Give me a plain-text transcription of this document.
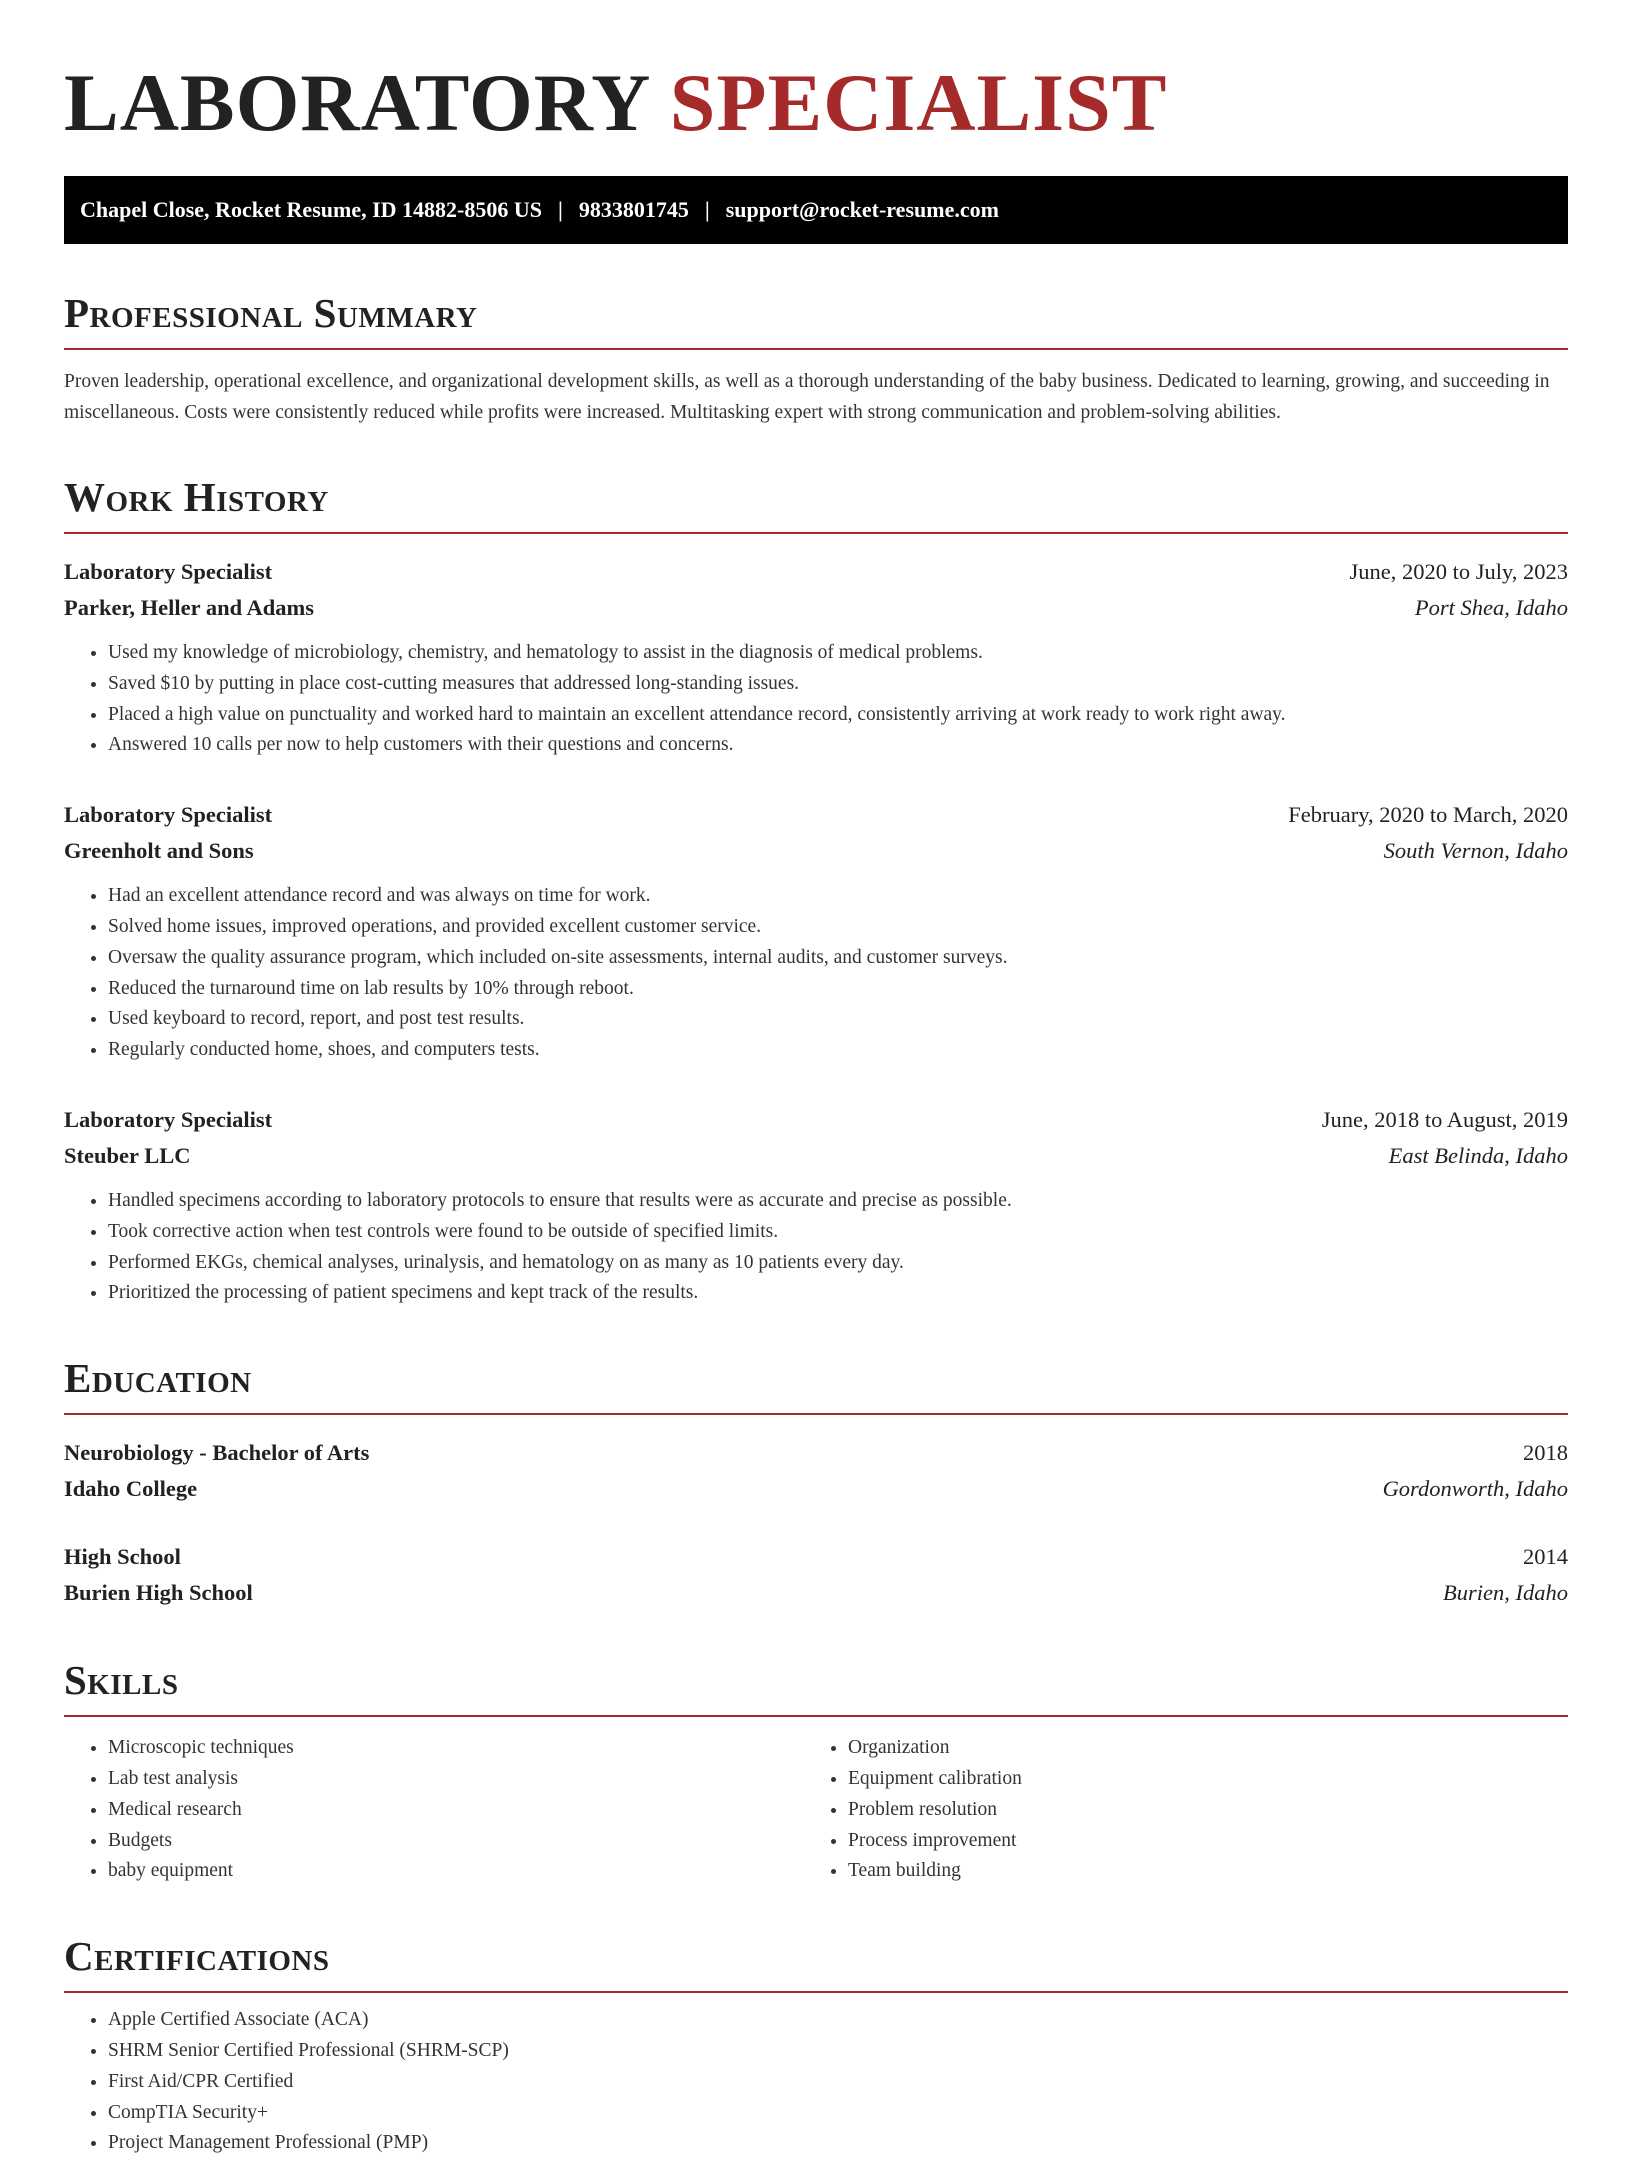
LABORATORY SPECIALIST
Chapel Close, Rocket Resume, ID 14882-8506 US | 9833801745 | support@rocket-resume.com
Professional Summary

Proven leadership, operational excellence, and organizational development skills, as well as a thorough understanding of the baby business. Dedicated to learning, growing, and succeeding in miscellaneous. Costs were consistently reduced while profits were increased. Multitasking expert with strong communication and problem-solving abilities.

Work History
Laboratory Specialist	June, 2020 to July, 2023
Parker, Heller and Adams	Port Shea, Idaho
• Used my knowledge of microbiology, chemistry, and hematology to assist in the diagnosis of medical problems.
• Saved $10 by putting in place cost-cutting measures that addressed long-standing issues.
• Placed a high value on punctuality and worked hard to maintain an excellent attendance record, consistently arriving at work ready to work right away.
• Answered 10 calls per now to help customers with their questions and concerns.
Laboratory Specialist	February, 2020 to March, 2020
Greenholt and Sons	South Vernon, Idaho
• Had an excellent attendance record and was always on time for work.
• Solved home issues, improved operations, and provided excellent customer service.
• Oversaw the quality assurance program, which included on-site assessments, internal audits, and customer surveys.
• Reduced the turnaround time on lab results by 10% through reboot.
• Used keyboard to record, report, and post test results.
• Regularly conducted home, shoes, and computers tests.
Laboratory Specialist	June, 2018 to August, 2019
Steuber LLC	East Belinda, Idaho
• Handled specimens according to laboratory protocols to ensure that results were as accurate and precise as possible.
• Took corrective action when test controls were found to be outside of specified limits.
• Performed EKGs, chemical analyses, urinalysis, and hematology on as many as 10 patients every day.
• Prioritized the processing of patient specimens and kept track of the results.
Education
Neurobiology - Bachelor of Arts	2018
Idaho College	Gordonworth, Idaho
High School	2014
Burien High School	Burien, Idaho
Skills
• Microscopic techniques
• Lab test analysis
• Medical research
• Budgets
• baby equipment
• Organization
• Equipment calibration
• Problem resolution
• Process improvement
• Team building
Certifications
• Apple Certified Associate (ACA)
• SHRM Senior Certified Professional (SHRM-SCP)
• First Aid/CPR Certified
• CompTIA Security+
• Project Management Professional (PMP)
